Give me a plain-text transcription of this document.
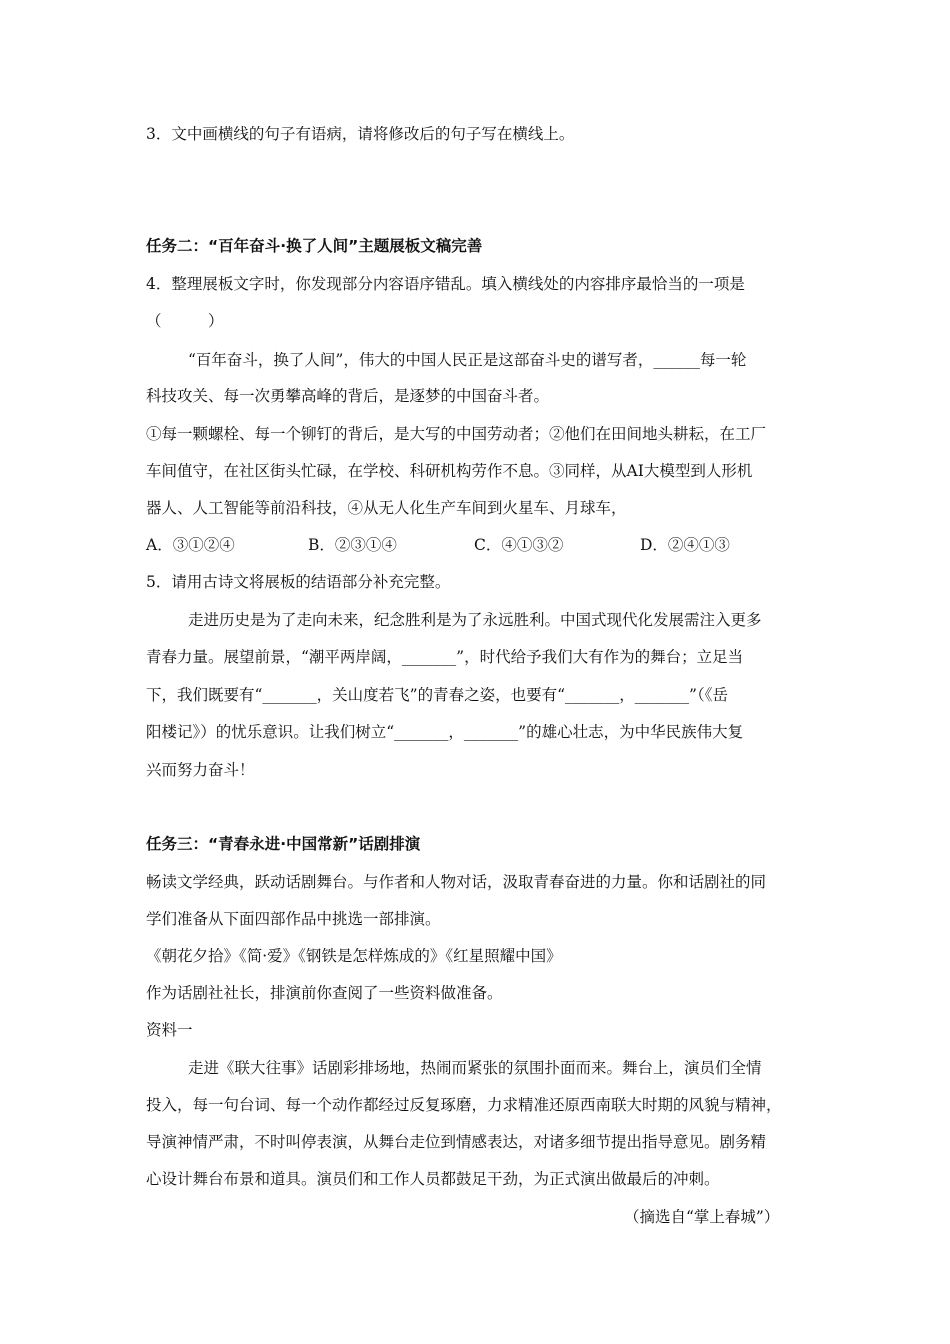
3．文中画横线的句子有语病，请将修改后的句子写在横线上。
任务二：“百年奋斗·换了人间”主题展板文稿完善
4．整理展板文字时，你发现部分内容语序错乱。填入横线处的内容排序最恰当的一项是
（　　　）
“百年奋斗，换了人间”，伟大的中国人民正是这部奋斗史的谱写者，______每一轮
科技攻关、每一次勇攀高峰的背后，是逐梦的中国奋斗者。
①每一颗螺栓、每一个铆钉的背后，是大写的中国劳动者；②他们在田间地头耕耘，在工厂
车间值守，在社区街头忙碌，在学校、科研机构劳作不息。③同样，从AI大模型到人形机
器人、人工智能等前沿科技，④从无人化生产车间到火星车、月球车，
A．③①②④	B．②③①④	C．④①③②	D．②④①③
5．请用古诗文将展板的结语部分补充完整。
走进历史是为了走向未来，纪念胜利是为了永远胜利。中国式现代化发展需注入更多
青春力量。展望前景，“潮平两岸阔，_______”，时代给予我们大有作为的舞台；立足当
下，我们既要有“_______，关山度若飞”的青春之姿，也要有“_______，_______”（《岳
阳楼记》）的忧乐意识。让我们树立“_______，_______”的雄心壮志，为中华民族伟大复
兴而努力奋斗！
任务三：“青春永进·中国常新”话剧排演
畅读文学经典，跃动话剧舞台。与作者和人物对话，汲取青春奋进的力量。你和话剧社的同
学们准备从下面四部作品中挑选一部排演。
《朝花夕拾》《简·爱》《钢铁是怎样炼成的》《红星照耀中国》
作为话剧社社长，排演前你查阅了一些资料做准备。
资料一
走进《联大往事》话剧彩排场地，热闹而紧张的氛围扑面而来。舞台上，演员们全情
投入，每一句台词、每一个动作都经过反复琢磨，力求精准还原西南联大时期的风貌与精神，
导演神情严肃，不时叫停表演，从舞台走位到情感表达，对诸多细节提出指导意见。剧务精
心设计舞台布景和道具。演员们和工作人员都鼓足干劲，为正式演出做最后的冲刺。
（摘选自“掌上春城”）
